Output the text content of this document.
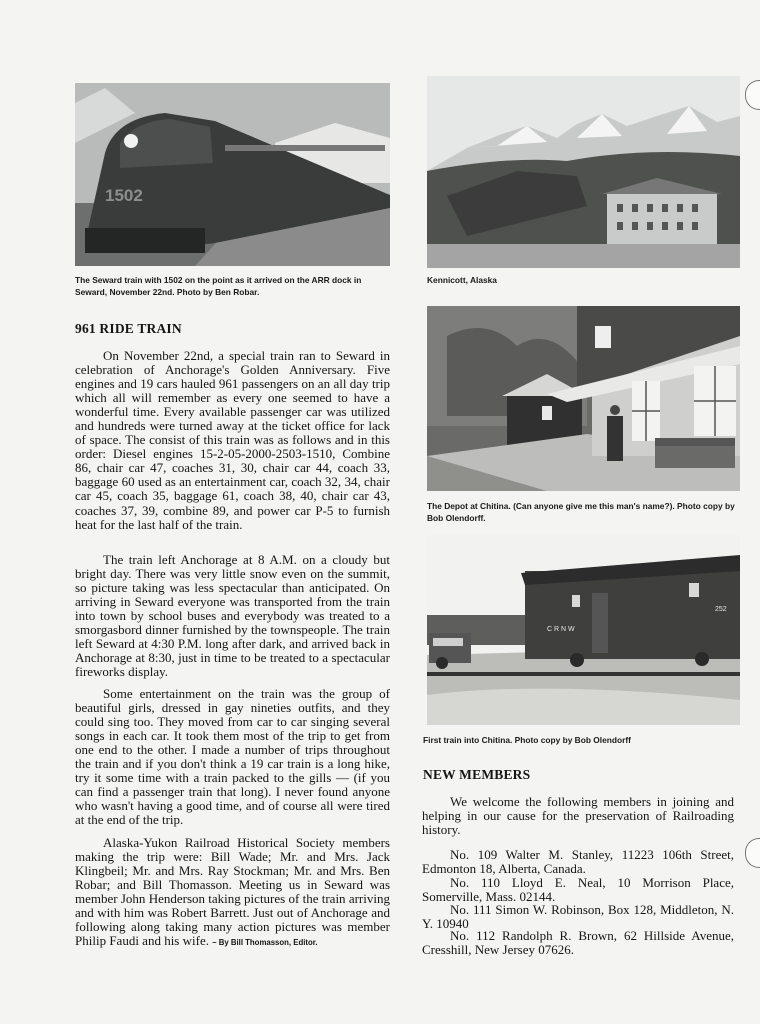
1502
The Seward train with 1502 on the point as it arrived on the ARR dock in Seward, November 22nd. Photo by Ben Robar.
Kennicott, Alaska
961 RIDE TRAIN

On November 22nd, a special train ran to Seward in celebration of Anchorage's Golden Anniversary. Five engines and 19 cars hauled 961 passengers on an all day trip which all will remember as every one seemed to have a wonderful time. Every available passenger car was utilized and hundreds were turned away at the ticket office for lack of space. The consist of this train was as follows and in this order: Diesel engines 15-2-05-2000-2503-1510, Combine 86, chair car 47, coaches 31, 30, chair car 44, coach 33, baggage 60 used as an entertainment car, coach 32, 34, chair car 45, coach 35, baggage 61, coach 38, 40, chair car 43, coaches 37, 39, combine 89, and power car P-5 to furnish heat for the last half of the train.

The train left Anchorage at 8 A.M. on a cloudy but bright day. There was very little snow even on the summit, so picture taking was less spectacular than anticipated. On arriving in Seward everyone was transported from the train into town by school buses and everybody was treated to a smorgasbord dinner furnished by the townspeople. The train left Seward at 4:30 P.M. long after dark, and arrived back in Anchorage at 8:30, just in time to be treated to a spectacular fireworks display.

Some entertainment on the train was the group of beautiful girls, dressed in gay nineties outfits, and they could sing too. They moved from car to car singing several songs in each car. It took them most of the trip to get from one end to the other. I made a number of trips throughout the train and if you don't think a 19 car train is a long hike, try it some time with a train packed to the gills — (if you can find a passenger train that long). I never found anyone who wasn't having a good time, and of course all were tired at the end of the trip.

Alaska-Yukon Railroad Historical Society members making the trip were: Bill Wade; Mr. and Mrs. Jack Klingbeil; Mr. and Mrs. Ray Stockman; Mr. and Mrs. Ben Robar; and Bill Thomasson. Meeting us in Seward was member John Henderson taking pictures of the train arriving and with him was Robert Barrett. Just out of Anchorage and following along taking many action pictures was member Philip Faudi and his wife. – By Bill Thomasson, Editor.

The Depot at Chitina. (Can anyone give me this man's name?). Photo copy by Bob Olendorff.
C R N W
252
First train into Chitina. Photo copy by Bob Olendorff
NEW MEMBERS

We welcome the following members in joining and helping in our cause for the preservation of Railroading history.

No. 109 Walter M. Stanley, 11223 106th Street, Edmonton 18, Alberta, Canada.

No. 110 Lloyd E. Neal, 10 Morrison Place, Somerville, Mass. 02144.

No. 111 Simon W. Robinson, Box 128, Middleton, N. Y. 10940

No. 112 Randolph R. Brown, 62 Hillside Avenue, Cresshill, New Jersey 07626.
